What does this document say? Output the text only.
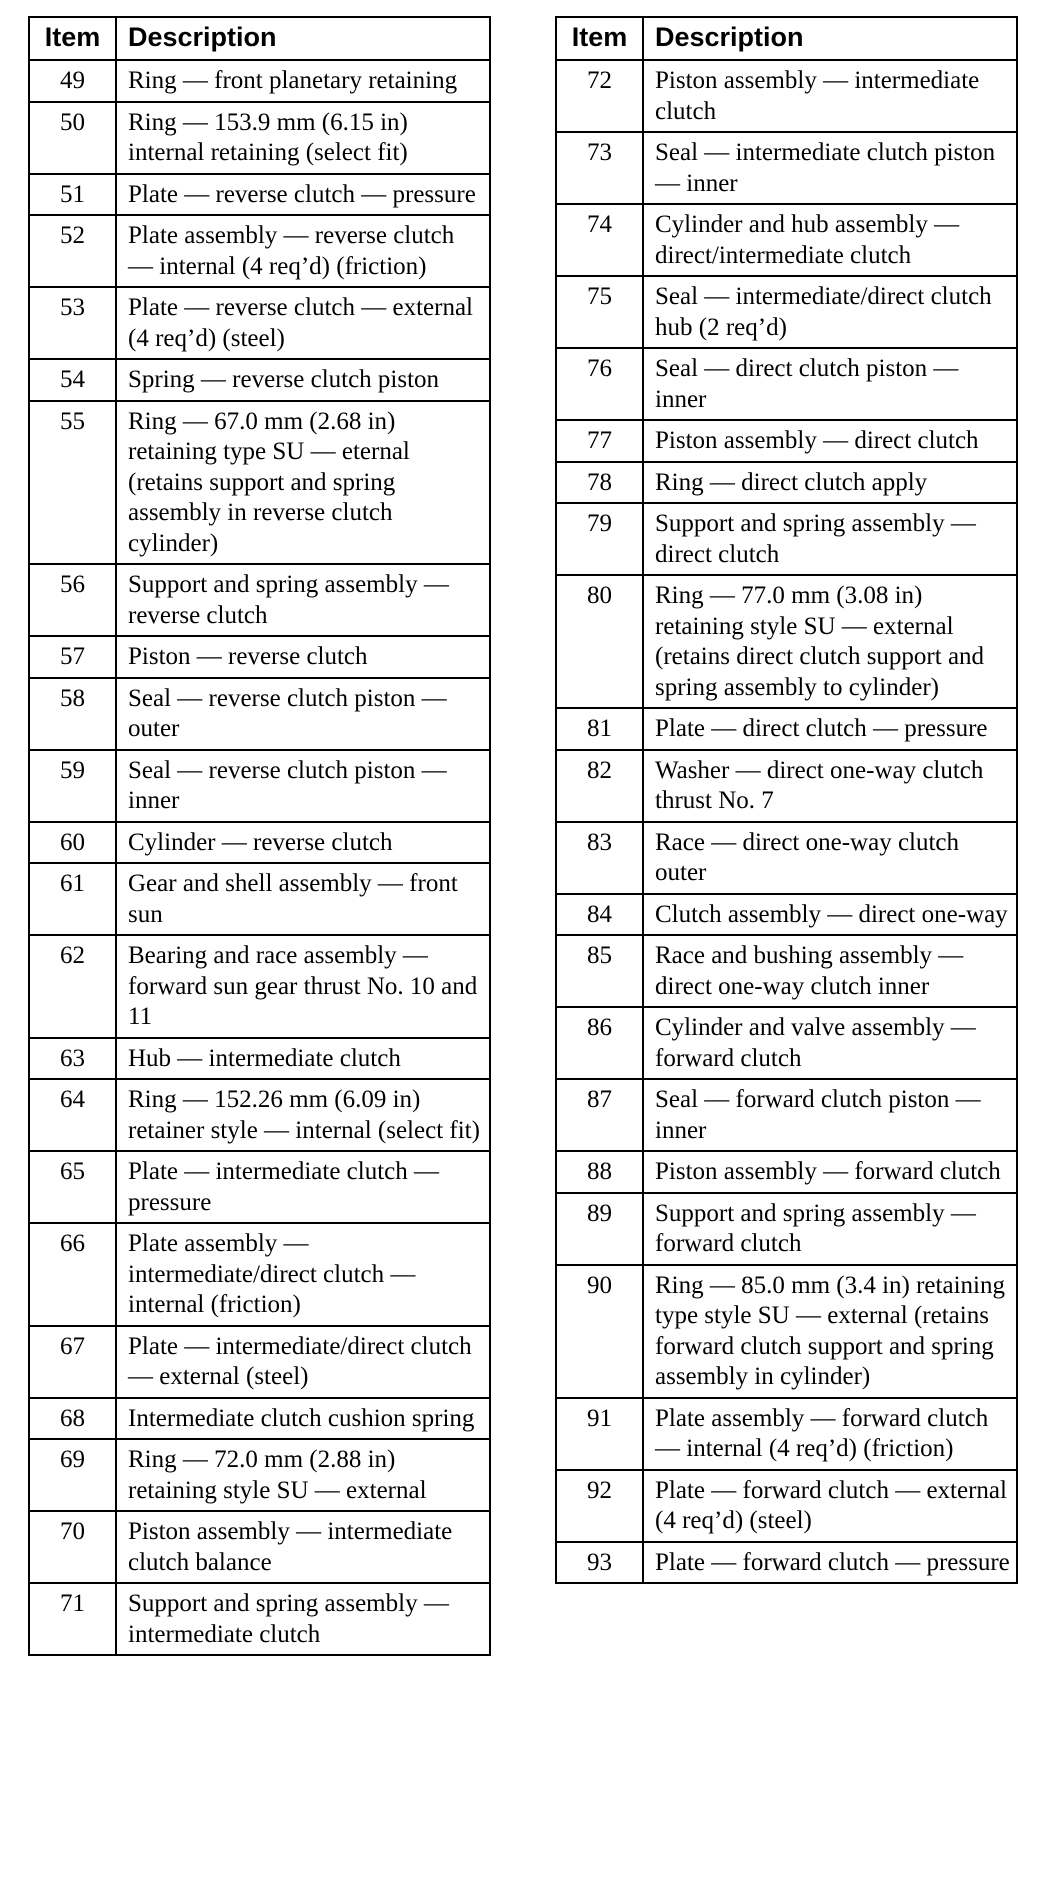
Item	Description
49	Ring — front planetary retaining
50	Ring — 153.9 mm (6.15 in) internal retaining (select fit)
51	Plate — reverse clutch — pressure
52	Plate assembly — reverse clutch — internal (4 req’d) (friction)
53	Plate — reverse clutch — external (4 req’d) (steel)
54	Spring — reverse clutch piston
55	Ring — 67.0 mm (2.68 in) retaining type SU — eternal (retains support and spring assembly in reverse clutch cylinder)
56	Support and spring assembly — reverse clutch
57	Piston — reverse clutch
58	Seal — reverse clutch piston — outer
59	Seal — reverse clutch piston — inner
60	Cylinder — reverse clutch
61	Gear and shell assembly — front sun
62	Bearing and race assembly — forward sun gear thrust No. 10 and 11
63	Hub — intermediate clutch
64	Ring — 152.26 mm (6.09 in) retainer style — internal (select fit)
65	Plate — intermediate clutch — pressure
66	Plate assembly — intermediate/direct clutch — internal (friction)
67	Plate — intermediate/direct clutch — external (steel)
68	Intermediate clutch cushion spring
69	Ring — 72.0 mm (2.88 in) retaining style SU — external
70	Piston assembly — intermediate clutch balance
71	Support and spring assembly — intermediate clutch
Item	Description
72	Piston assembly — intermediate clutch
73	Seal — intermediate clutch piston — inner
74	Cylinder and hub assembly — direct/intermediate clutch
75	Seal — intermediate/direct clutch hub (2 req’d)
76	Seal — direct clutch piston — inner
77	Piston assembly — direct clutch
78	Ring — direct clutch apply
79	Support and spring assembly — direct clutch
80	Ring — 77.0 mm (3.08 in) retaining style SU — external (retains direct clutch support and spring assembly to cylinder)
81	Plate — direct clutch — pressure
82	Washer — direct one-way clutch thrust No. 7
83	Race — direct one-way clutch outer
84	Clutch assembly — direct one-way
85	Race and bushing assembly — direct one-way clutch inner
86	Cylinder and valve assembly — forward clutch
87	Seal — forward clutch piston — inner
88	Piston assembly — forward clutch
89	Support and spring assembly — forward clutch
90	Ring — 85.0 mm (3.4 in) retaining type style SU — external (retains forward clutch support and spring assembly in cylinder)
91	Plate assembly — forward clutch — internal (4 req’d) (friction)
92	Plate — forward clutch — external (4 req’d) (steel)
93	Plate — forward clutch — pressure
